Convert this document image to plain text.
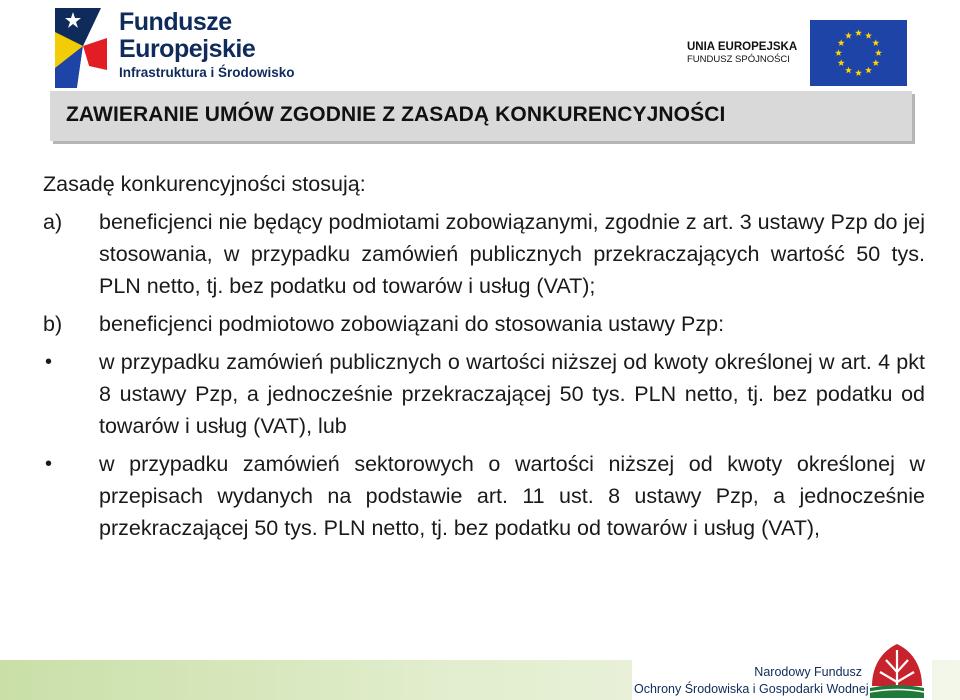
Fundusze
Europejskie
Infrastruktura i Środowisko
UNIA EUROPEJSKA
FUNDUSZ SPÓJNOŚCI
ZAWIERANIE UMÓW ZGODNIE Z ZASADĄ KONKURENCYJNOŚCI

Zasadę konkurencyjności stosują:

a) beneficjenci nie będący podmiotami zobowiązanymi, zgodnie z art. 3 ustawy Pzp do jej stosowania, w przypadku zamówień publicznych przekraczających wartość 50 tys. PLN netto, tj. bez podatku od towarów i usług (VAT);
b) beneficjenci podmiotowo zobowiązani do stosowania ustawy Pzp:
• w przypadku zamówień publicznych o wartości niższej od kwoty określonej w art. 4 pkt 8 ustawy Pzp, a jednocześnie przekraczającej 50 tys. PLN netto, tj. bez podatku od towarów i usług (VAT), lub
• w przypadku zamówień sektorowych o wartości niższej od kwoty określonej w przepisach wydanych na podstawie art. 11 ust. 8 ustawy Pzp, a jednocześnie przekraczającej 50 tys. PLN netto, tj. bez podatku od towarów i usług (VAT),
Narodowy Fundusz
Ochrony Środowiska i Gospodarki Wodnej
